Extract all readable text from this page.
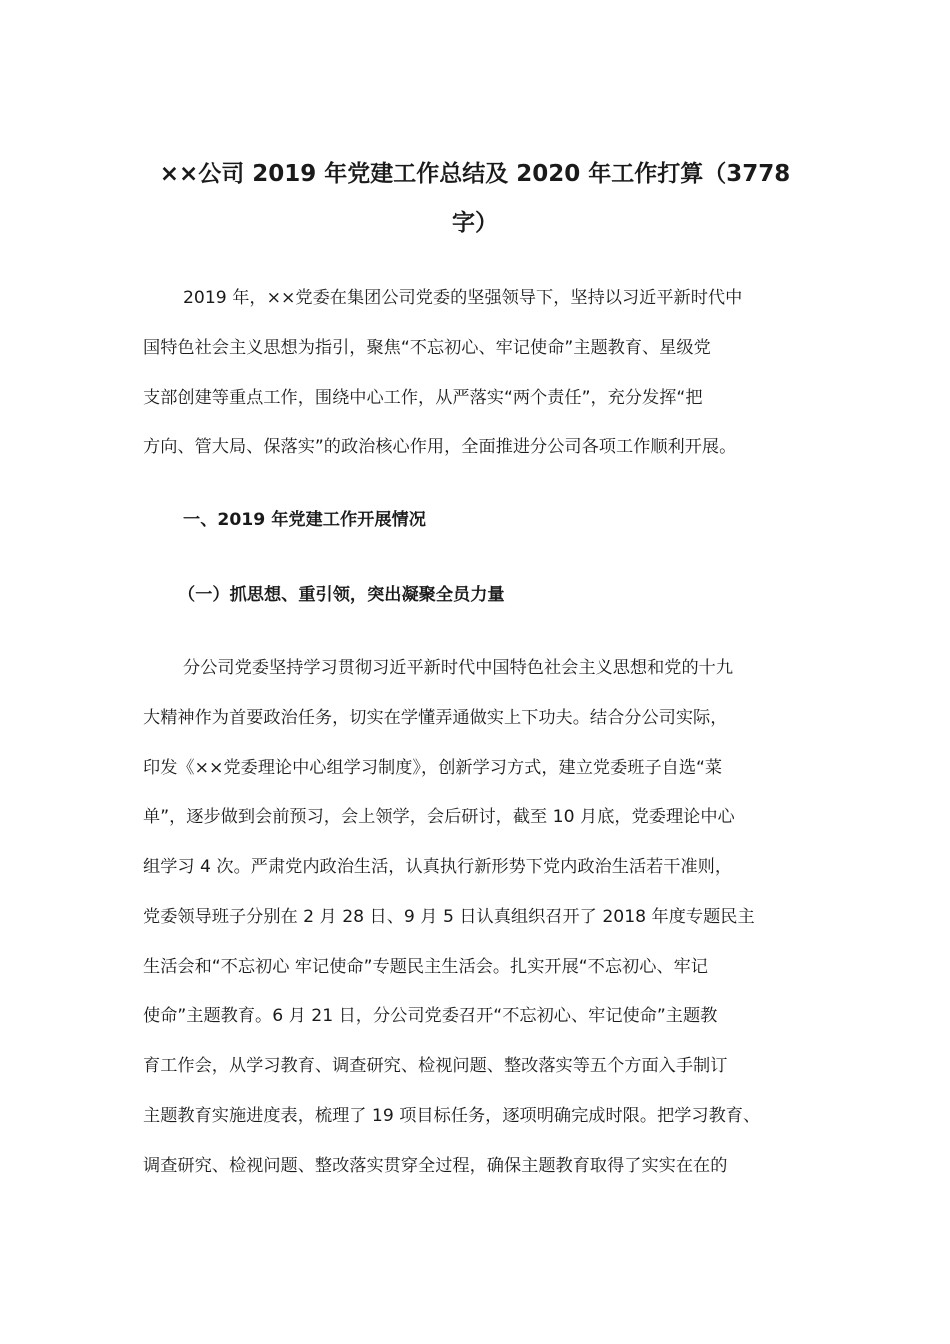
××公司 2019 年党建工作总结及 2020 年工作打算（3778
字）

2019 年，××党委在集团公司党委的坚强领导下，坚持以习近平新时代中

国特色社会主义思想为指引，聚焦“不忘初心、牢记使命”主题教育、星级党

支部创建等重点工作，围绕中心工作，从严落实“两个责任”，充分发挥“把

方向、管大局、保落实”的政治核心作用，全面推进分公司各项工作顺利开展。

一、2019 年党建工作开展情况

（一）抓思想、重引领，突出凝聚全员力量

分公司党委坚持学习贯彻习近平新时代中国特色社会主义思想和党的十九

大精神作为首要政治任务，切实在学懂弄通做实上下功夫。结合分公司实际，

印发《××党委理论中心组学习制度》，创新学习方式，建立党委班子自选“菜

单”，逐步做到会前预习，会上领学，会后研讨，截至 10 月底，党委理论中心

组学习 4 次。严肃党内政治生活，认真执行新形势下党内政治生活若干准则，

党委领导班子分别在 2 月 28 日、9 月 5 日认真组织召开了 2018 年度专题民主

生活会和“不忘初心 牢记使命”专题民主生活会。扎实开展“不忘初心、牢记

使命”主题教育。6 月 21 日，分公司党委召开“不忘初心、牢记使命”主题教

育工作会，从学习教育、调查研究、检视问题、整改落实等五个方面入手制订

主题教育实施进度表，梳理了 19 项目标任务，逐项明确完成时限。把学习教育、

调查研究、检视问题、整改落实贯穿全过程，确保主题教育取得了实实在在的
